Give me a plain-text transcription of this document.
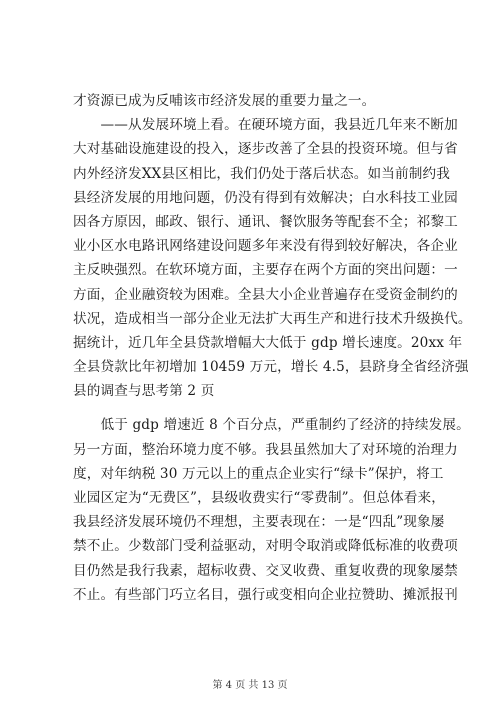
才资源已成为反哺该市经济发展的重要力量之一。
　　——从发展环境上看。在硬环境方面，我县近几年来不断加
大对基础设施建设的投入，逐步改善了全县的投资环境。但与省
内外经济发XX县区相比，我们仍处于落后状态。如当前制约我
县经济发展的用地问题，仍没有得到有效解决；白水科技工业园
因各方原因，邮政、银行、通讯、餐饮服务等配套不全；祁黎工
业小区水电路讯网络建设问题多年来没有得到较好解决，各企业
主反映强烈。在软环境方面，主要存在两个方面的突出问题：一
方面，企业融资较为困难。全县大小企业普遍存在受资金制约的
状况，造成相当一部分企业无法扩大再生产和进行技术升级换代。
据统计，近几年全县贷款增幅大大低于 gdp 增长速度。20xx 年
全县贷款比年初增加 10459 万元，增长 4.5，县跻身全省经济强
县的调查与思考第 2 页
　　低于 gdp 增速近 8 个百分点，严重制约了经济的持续发展。
另一方面，整治环境力度不够。我县虽然加大了对环境的治理力
度，对年纳税 30 万元以上的重点企业实行“绿卡”保护，将工
业园区定为“无费区”，县级收费实行“零费制”。但总体看来，
我县经济发展环境仍不理想，主要表现在：一是“四乱”现象屡
禁不止。少数部门受利益驱动，对明令取消或降低标准的收费项
目仍然是我行我素，超标收费、交叉收费、重复收费的现象屡禁
不止。有些部门巧立名目，强行或变相向企业拉赞助、摊派报刊
第 4 页 共 13 页
